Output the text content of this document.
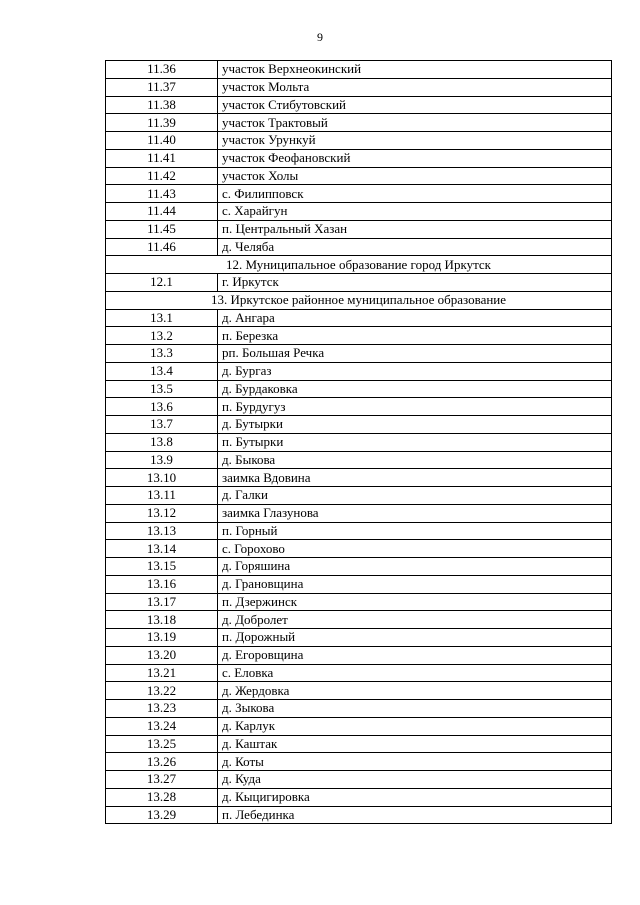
9
11.36	участок Верхнеокинский
11.37	участок Мольта
11.38	участок Стибутовский
11.39	участок Трактовый
11.40	участок Урункуй
11.41	участок Феофановский
11.42	участок Холы
11.43	с. Филипповск
11.44	с. Харайгун
11.45	п. Центральный Хазан
11.46	д. Челяба
12. Муниципальное образование город Иркутск	
12.1	г. Иркутск
13. Иркутское районное муниципальное образование	
13.1	д. Ангара
13.2	п. Березка
13.3	рп. Большая Речка
13.4	д. Бургаз
13.5	д. Бурдаковка
13.6	п. Бурдугуз
13.7	д. Бутырки
13.8	п. Бутырки
13.9	д. Быкова
13.10	заимка Вдовина
13.11	д. Галки
13.12	заимка Глазунова
13.13	п. Горный
13.14	с. Горохово
13.15	д. Горяшина
13.16	д. Грановщина
13.17	п. Дзержинск
13.18	д. Добролет
13.19	п. Дорожный
13.20	д. Егоровщина
13.21	с. Еловка
13.22	д. Жердовка
13.23	д. Зыкова
13.24	д. Карлук
13.25	д. Каштак
13.26	д. Коты
13.27	д. Куда
13.28	д. Кыцигировка
13.29	п. Лебединка
